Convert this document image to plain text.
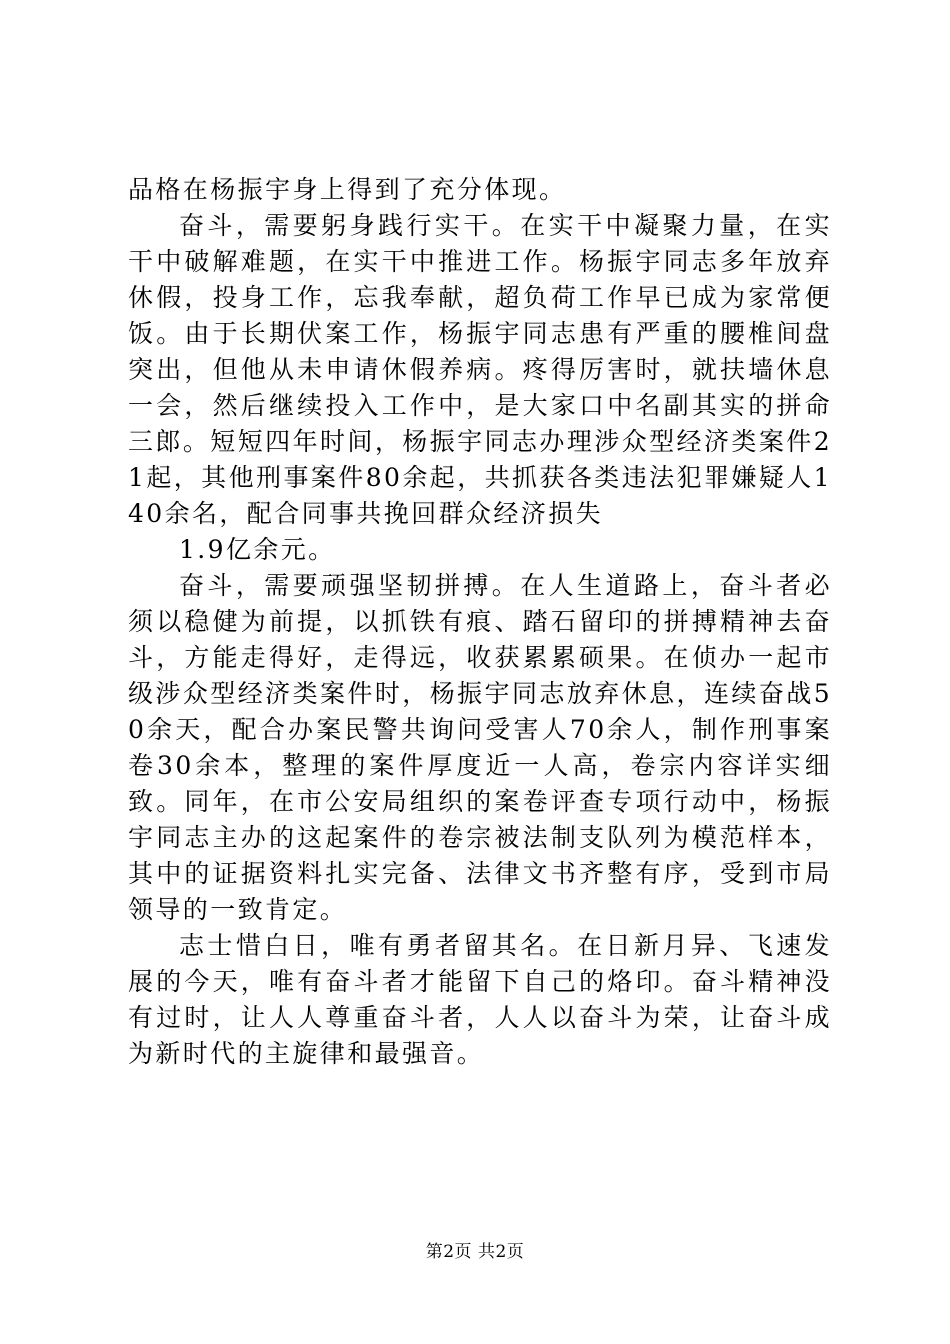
品格在杨振宇身上得到了充分体现。

奋斗，需要躬身践行实干。在实干中凝聚力量，在实干中破解难题，在实干中推进工作。杨振宇同志多年放弃休假，投身工作，忘我奉献，超负荷工作早已成为家常便饭。由于长期伏案工作，杨振宇同志患有严重的腰椎间盘突出，但他从未申请休假养病。疼得厉害时，就扶墙休息一会，然后继续投入工作中，是大家口中名副其实的拼命三郎。短短四年时间，杨振宇同志办理涉众型经济类案件21起，其他刑事案件80余起，共抓获各类违法犯罪嫌疑人140余名，配合同事共挽回群众经济损失

1.9亿余元。

奋斗，需要顽强坚韧拼搏。在人生道路上，奋斗者必须以稳健为前提，以抓铁有痕、踏石留印的拼搏精神去奋斗，方能走得好，走得远，收获累累硕果。在侦办一起市级涉众型经济类案件时，杨振宇同志放弃休息，连续奋战50余天，配合办案民警共询问受害人70余人，制作刑事案卷30余本，整理的案件厚度近一人高，卷宗内容详实细致。同年，在市公安局组织的案卷评查专项行动中，杨振宇同志主办的这起案件的卷宗被法制支队列为模范样本，其中的证据资料扎实完备、法律文书齐整有序，受到市局领导的一致肯定。

志士惜白日，唯有勇者留其名。在日新月异、飞速发展的今天，唯有奋斗者才能留下自己的烙印。奋斗精神没有过时，让人人尊重奋斗者，人人以奋斗为荣，让奋斗成为新时代的主旋律和最强音。

第2页 共2页
